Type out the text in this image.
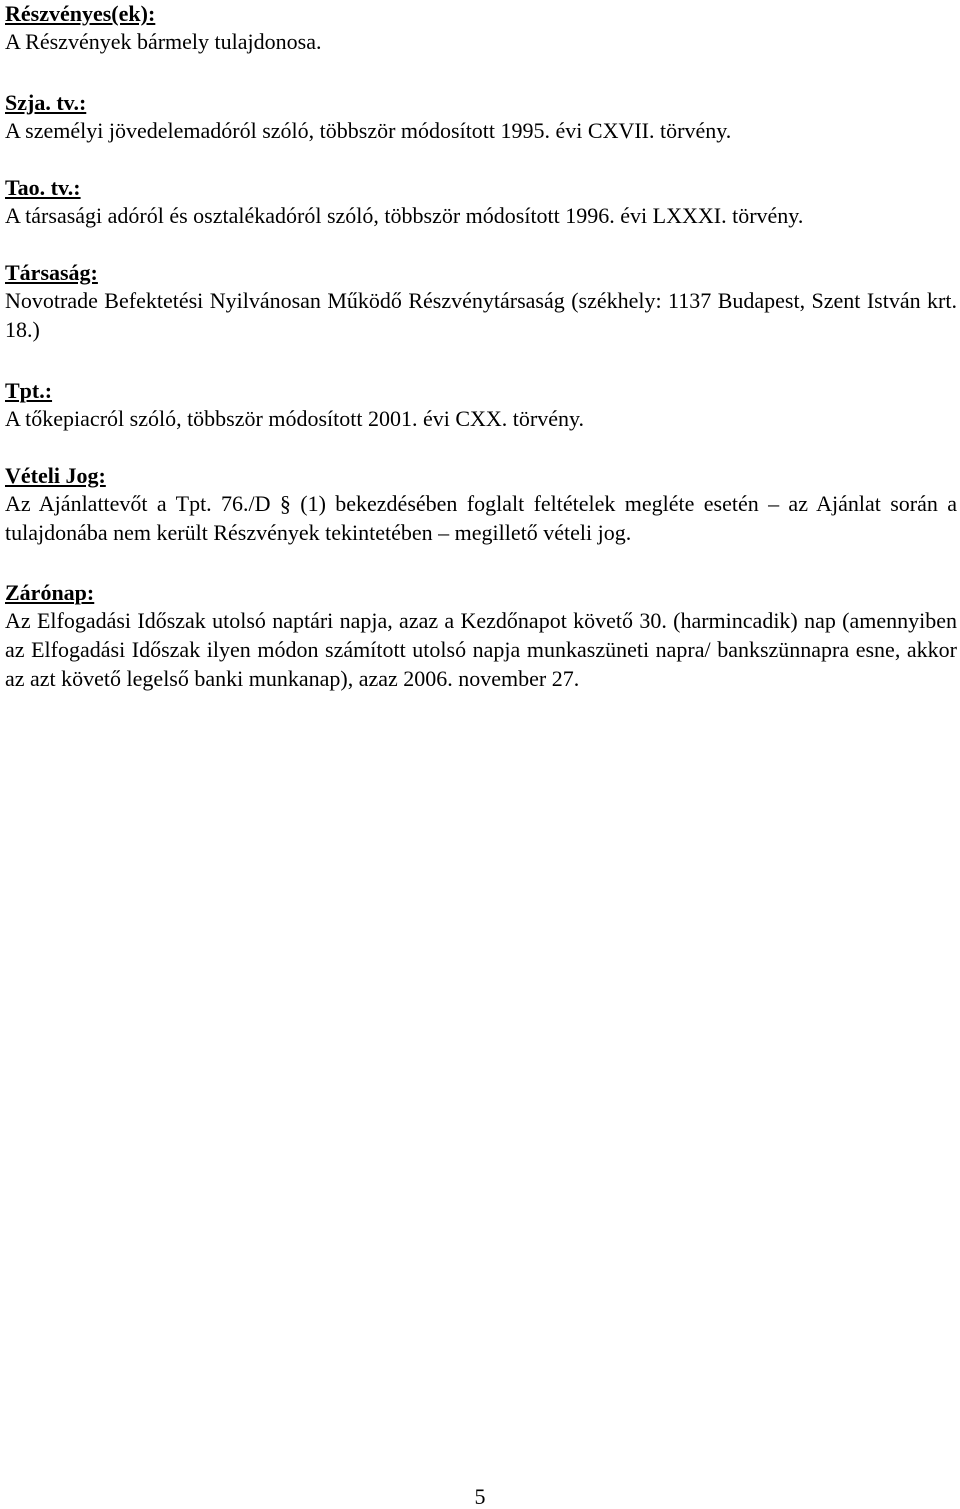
Részvényes(ek):
A Részvények bármely tulajdonosa.
Szja. tv.:
A személyi jövedelemadóról szóló, többször módosított 1995. évi CXVII. törvény.
Tao. tv.:
A társasági adóról és osztalékadóról szóló, többször módosított 1996. évi LXXXI. törvény.
Társaság:
Novotrade Befektetési Nyilvánosan Működő Részvénytársaság (székhely: 1137 Budapest, Szent István krt. 18.)
Tpt.:
A tőkepiacról szóló, többször módosított 2001. évi CXX. törvény.
Vételi Jog:
Az Ajánlattevőt a Tpt. 76./D § (1) bekezdésében foglalt feltételek megléte esetén – az Ajánlat során a tulajdonába nem került Részvények tekintetében – megillető vételi jog.
Zárónap:
Az Elfogadási Időszak utolsó naptári napja, azaz a Kezdőnapot követő 30. (harmincadik) nap (amennyiben az Elfogadási Időszak ilyen módon számított utolsó napja munkaszüneti napra/ bankszünnapra esne, akkor az azt követő legelső banki munkanap), azaz 2006. november 27.
5
